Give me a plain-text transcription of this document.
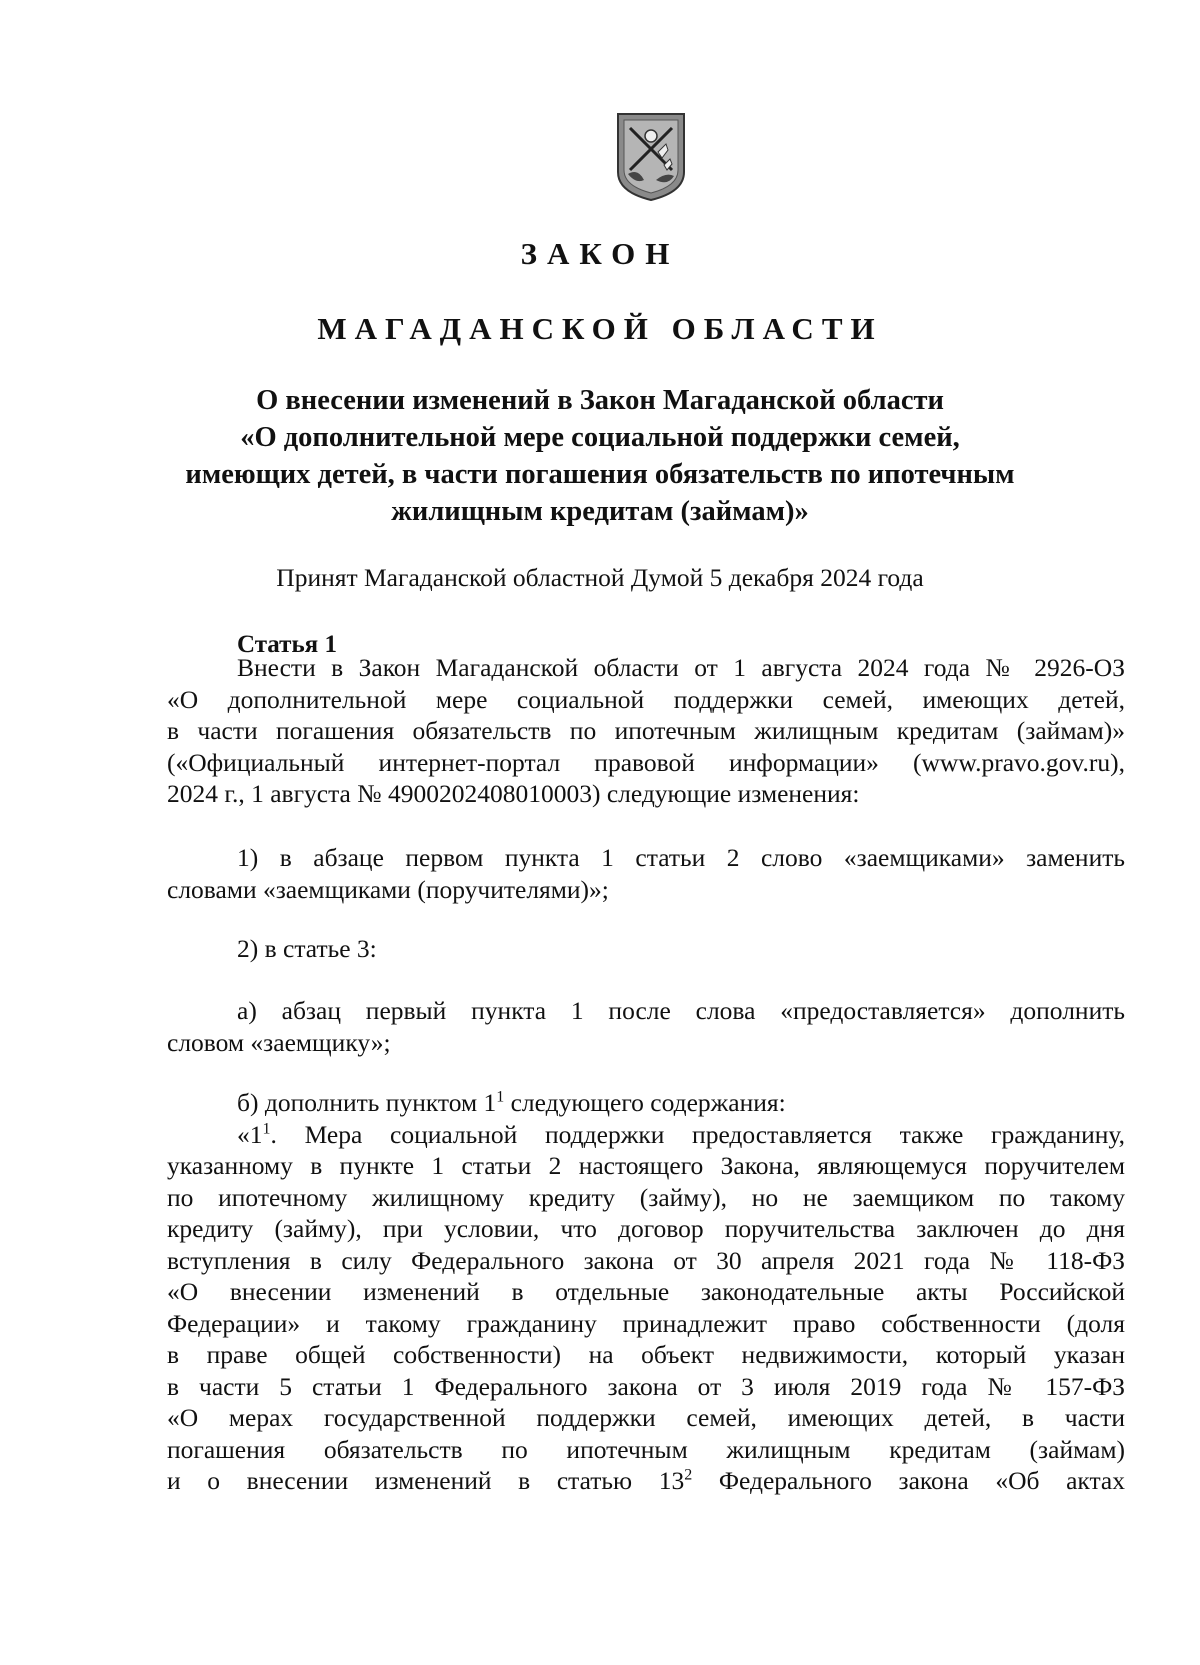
ЗАКОН
МАГАДАНСКОЙ ОБЛАСТИ
О внесении изменений в Закон Магаданской области
«О дополнительной мере социальной поддержки семей,
имеющих детей, в части погашения обязательств по ипотечным
жилищным кредитам (займам)»
Принят Магаданской областной Думой 5 декабря 2024 года
Статья 1
Внести в Закон Магаданской области от 1 августа 2024 года № 2926-ОЗ
«О дополнительной мере социальной поддержки семей, имеющих детей,
в части погашения обязательств по ипотечным жилищным кредитам (займам)»
(«Официальный интернет-портал правовой информации» (www.pravo.gov.ru),
2024 г., 1 августа № 4900202408010003) следующие изменения:
1) в абзаце первом пункта 1 статьи 2 слово «заемщиками» заменить
словами «заемщиками (поручителями)»;
2) в статье 3:
а) абзац первый пункта 1 после слова «предоставляется» дополнить
словом «заемщику»;
б) дополнить пунктом $1^1$ следующего содержания:
«$1^1$. Мера социальной поддержки предоставляется также гражданину,
указанному в пункте 1 статьи 2 настоящего Закона, являющемуся поручителем
по ипотечному жилищному кредиту (займу), но не заемщиком по такому
кредиту (займу), при условии, что договор поручительства заключен до дня
вступления в силу Федерального закона от 30 апреля 2021 года № 118-ФЗ
«О внесении изменений в отдельные законодательные акты Российской
Федерации» и такому гражданину принадлежит право собственности (доля
в праве общей собственности) на объект недвижимости, который указан
в части 5 статьи 1 Федерального закона от 3 июля 2019 года № 157-ФЗ
«О мерах государственной поддержки семей, имеющих детей, в части
погашения обязательств по ипотечным жилищным кредитам (займам)
и о внесении изменений в статью $13^2$ Федерального закона «Об актах
